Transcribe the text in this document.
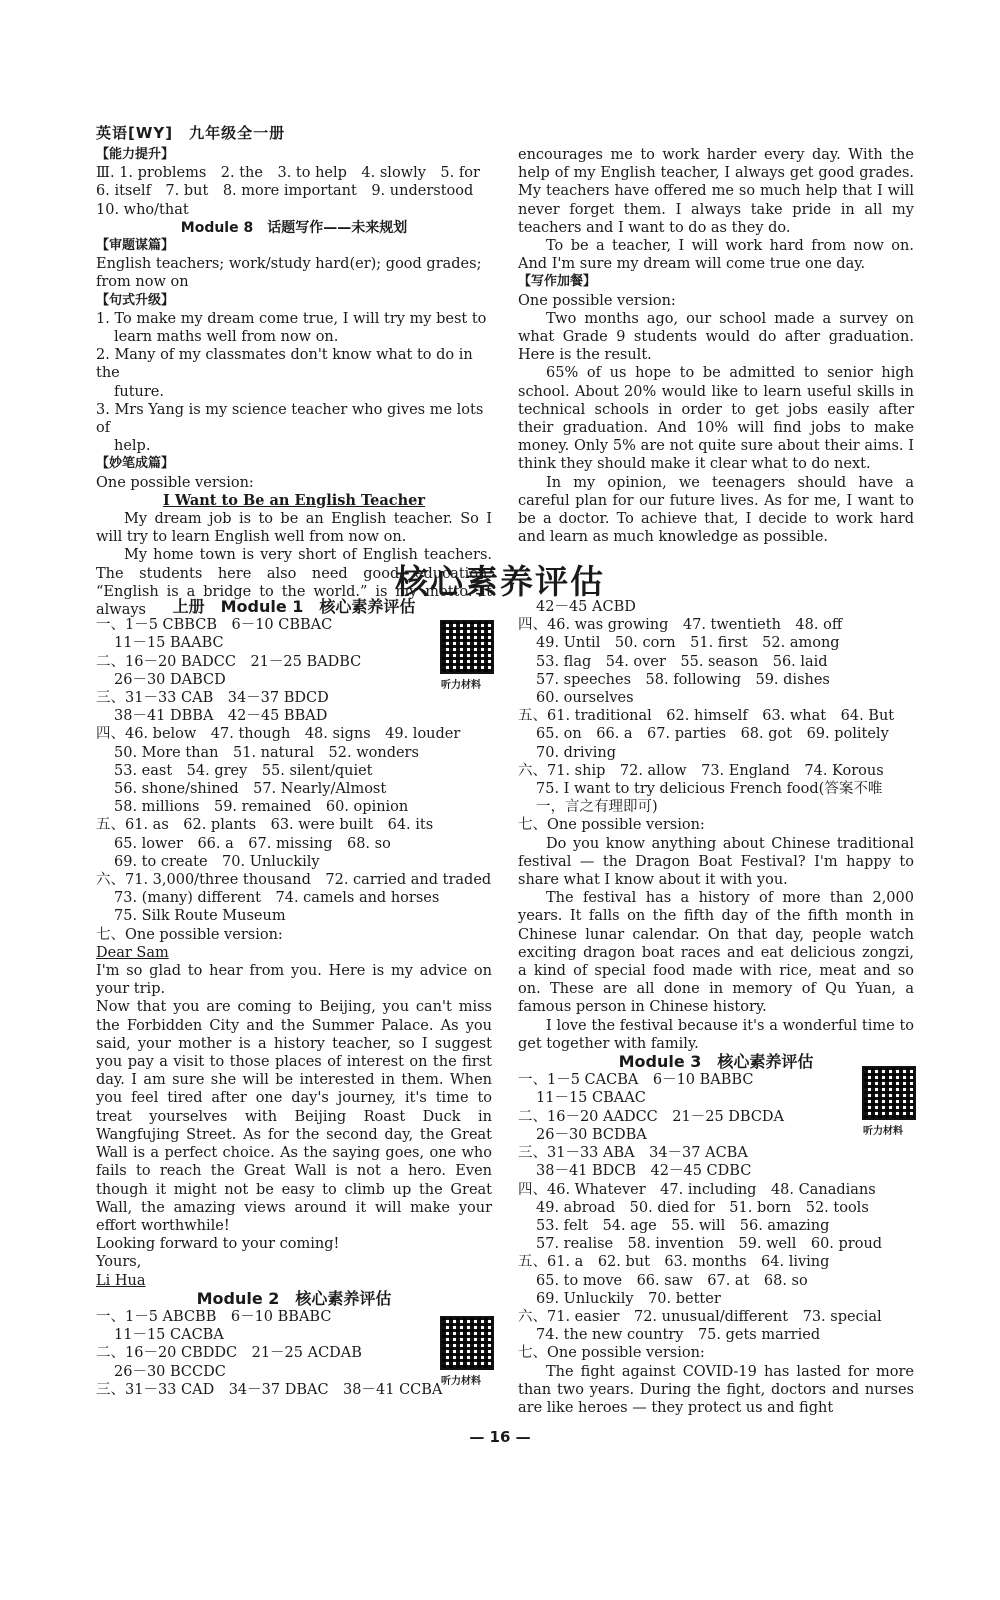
英语[WY]　九年级全一册

【能力提升】

Ⅲ. 1. problems　2. the　3. to help　4. slowly　5. for

6. itself　7. but　8. more important　9. understood

10. who/that

Module 8　话题写作——未来规划

【审题谋篇】

English teachers; work/study hard(er); good grades;

from now on

【句式升级】

1. To make my dream come true, I will try my best to

learn maths well from now on.

2. Many of my classmates don't know what to do in the

future.

3. Mrs Yang is my science teacher who gives me lots of

help.

【妙笔成篇】

One possible version:

I Want to Be an English Teacher

My dream job is to be an English teacher. So I will try to learn English well from now on.

My home town is very short of English teachers. The students here also need good education. “English is a bridge to the world.” is my motto. It always

encourages me to work harder every day. With the help of my English teacher, I always get good grades. My teachers have offered me so much help that I will never forget them. I always take pride in all my teachers and I want to do as they do.

To be a teacher, I will work hard from now on. And I'm sure my dream will come true one day.

【写作加餐】

One possible version:

Two months ago, our school made a survey on what Grade 9 students would do after graduation. Here is the result.

65% of us hope to be admitted to senior high school. About 20% would like to learn useful skills in technical schools in order to get jobs easily after their graduation. And 10% will find jobs to make money. Only 5% are not quite sure about their aims. I think they should make it clear what to do next.

In my opinion, we teenagers should have a careful plan for our future lives. As for me, I want to be a doctor. To achieve that, I decide to work hard and learn as much knowledge as possible.

核心素养评估

上册　Module 1　核心素养评估

一、1－5 CBBCB　6－10 CBBAC

11－15 BAABC

二、16－20 BADCC　21－25 BADBC

26－30 DABCD

三、31－33 CAB　34－37 BDCD

38－41 DBBA　42－45 BBAD

四、46. below　47. though　48. signs　49. louder

50. More than　51. natural　52. wonders

53. east　54. grey　55. silent/quiet

56. shone/shined　57. Nearly/Almost

58. millions　59. remained　60. opinion

五、61. as　62. plants　63. were built　64. its

65. lower　66. a　67. missing　68. so

69. to create　70. Unluckily

六、71. 3,000/three thousand　72. carried and traded

73. (many) different　74. camels and horses

75. Silk Route Museum

七、One possible version:

Dear Sam

I'm so glad to hear from you. Here is my advice on your trip.

Now that you are coming to Beijing, you can't miss the Forbidden City and the Summer Palace. As you said, your mother is a history teacher, so I suggest you pay a visit to those places of interest on the first day. I am sure she will be interested in them. When you feel tired after one day's journey, it's time to treat yourselves with Beijing Roast Duck in Wangfujing Street. As for the second day, the Great Wall is a perfect choice. As the saying goes, one who fails to reach the Great Wall is not a hero. Even though it might not be easy to climb up the Great Wall, the amazing views around it will make your effort worthwhile!

Looking forward to your coming!

Yours,

Li Hua

Module 2　核心素养评估

一、1－5 ABCBB　6－10 BBABC

11－15 CACBA

二、16－20 CBDDC　21－25 ACDAB

26－30 BCCDC

三、31－33 CAD　34－37 DBAC　38－41 CCBA

听力材料
听力材料

42－45 ACBD

四、46. was growing　47. twentieth　48. off

49. Until　50. corn　51. first　52. among

53. flag　54. over　55. season　56. laid

57. speeches　58. following　59. dishes

60. ourselves

五、61. traditional　62. himself　63. what　64. But

65. on　66. a　67. parties　68. got　69. politely

70. driving

六、71. ship　72. allow　73. England　74. Korous

75. I want to try delicious French food(答案不唯

一，言之有理即可)

七、One possible version:

Do you know anything about Chinese traditional festival — the Dragon Boat Festival? I'm happy to share what I know about it with you.

The festival has a history of more than 2,000 years. It falls on the fifth day of the fifth month in Chinese lunar calendar. On that day, people watch exciting dragon boat races and eat delicious zongzi, a kind of special food made with rice, meat and so on. These are all done in memory of Qu Yuan, a famous person in Chinese history.

I love the festival because it's a wonderful time to get together with family.

Module 3　核心素养评估

一、1－5 CACBA　6－10 BABBC

11－15 CBAAC

二、16－20 AADCC　21－25 DBCDA

26－30 BCDBA

三、31－33 ABA　34－37 ACBA

38－41 BDCB　42－45 CDBC

四、46. Whatever　47. including　48. Canadians

49. abroad　50. died for　51. born　52. tools

53. felt　54. age　55. will　56. amazing

57. realise　58. invention　59. well　60. proud

五、61. a　62. but　63. months　64. living

65. to move　66. saw　67. at　68. so

69. Unluckily　70. better

六、71. easier　72. unusual/different　73. special

74. the new country　75. gets married

七、One possible version:

The fight against COVID-19 has lasted for more than two years. During the fight, doctors and nurses are like heroes — they protect us and fight

听力材料
— 16 —
